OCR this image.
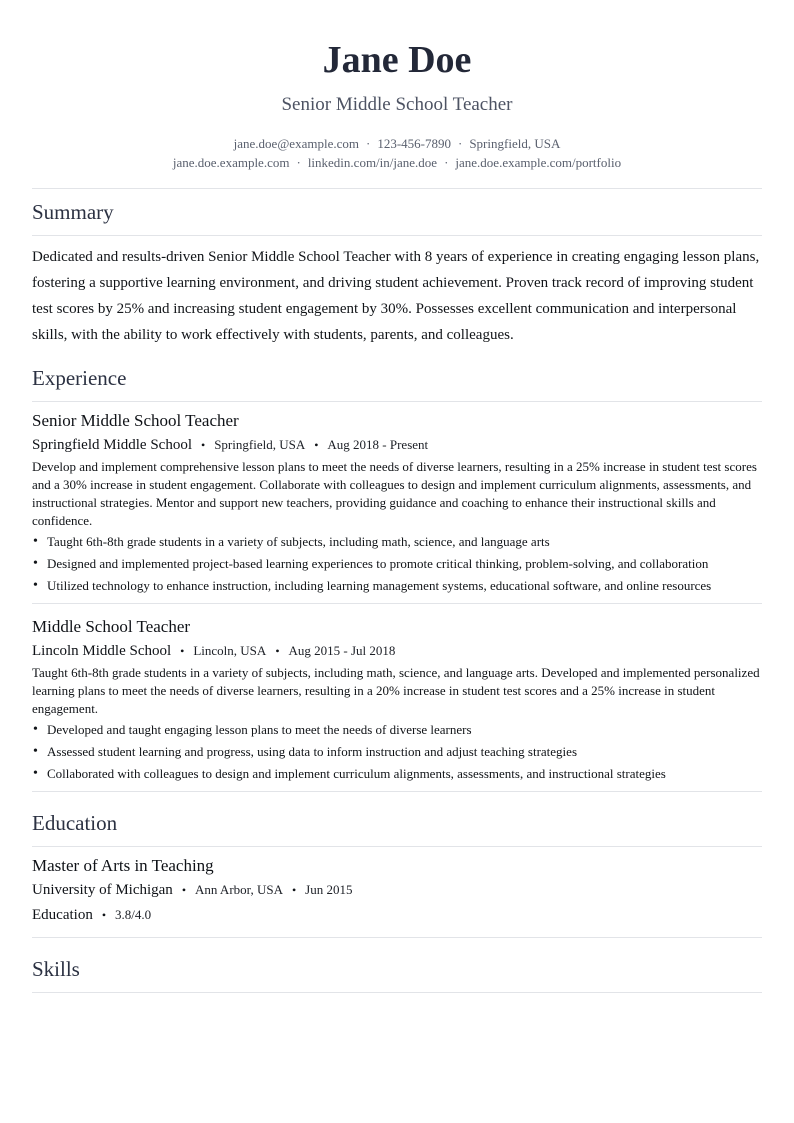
Jane Doe
Senior Middle School Teacher
jane.doe@example.com · 123-456-7890 · Springfield, USA
jane.doe.example.com · linkedin.com/in/jane.doe · jane.doe.example.com/portfolio
Summary
Dedicated and results-driven Senior Middle School Teacher with 8 years of experience in creating engaging lesson plans, fostering a supportive learning environment, and driving student achievement. Proven track record of improving student test scores by 25% and increasing student engagement by 30%. Possesses excellent communication and interpersonal skills, with the ability to work effectively with students, parents, and colleagues.
Experience
Senior Middle School Teacher
Springfield Middle School • Springfield, USA • Aug 2018 - Present
Develop and implement comprehensive lesson plans to meet the needs of diverse learners, resulting in a 25% increase in student test scores and a 30% increase in student engagement. Collaborate with colleagues to design and implement curriculum alignments, assessments, and instructional strategies. Mentor and support new teachers, providing guidance and coaching to enhance their instructional skills and confidence.
• Taught 6th-8th grade students in a variety of subjects, including math, science, and language arts
• Designed and implemented project-based learning experiences to promote critical thinking, problem-solving, and collaboration
• Utilized technology to enhance instruction, including learning management systems, educational software, and online resources
Middle School Teacher
Lincoln Middle School • Lincoln, USA • Aug 2015 - Jul 2018
Taught 6th-8th grade students in a variety of subjects, including math, science, and language arts. Developed and implemented personalized learning plans to meet the needs of diverse learners, resulting in a 20% increase in student test scores and a 25% increase in student engagement.
• Developed and taught engaging lesson plans to meet the needs of diverse learners
• Assessed student learning and progress, using data to inform instruction and adjust teaching strategies
• Collaborated with colleagues to design and implement curriculum alignments, assessments, and instructional strategies
Education
Master of Arts in Teaching
University of Michigan • Ann Arbor, USA • Jun 2015
Education • 3.8/4.0
Skills
